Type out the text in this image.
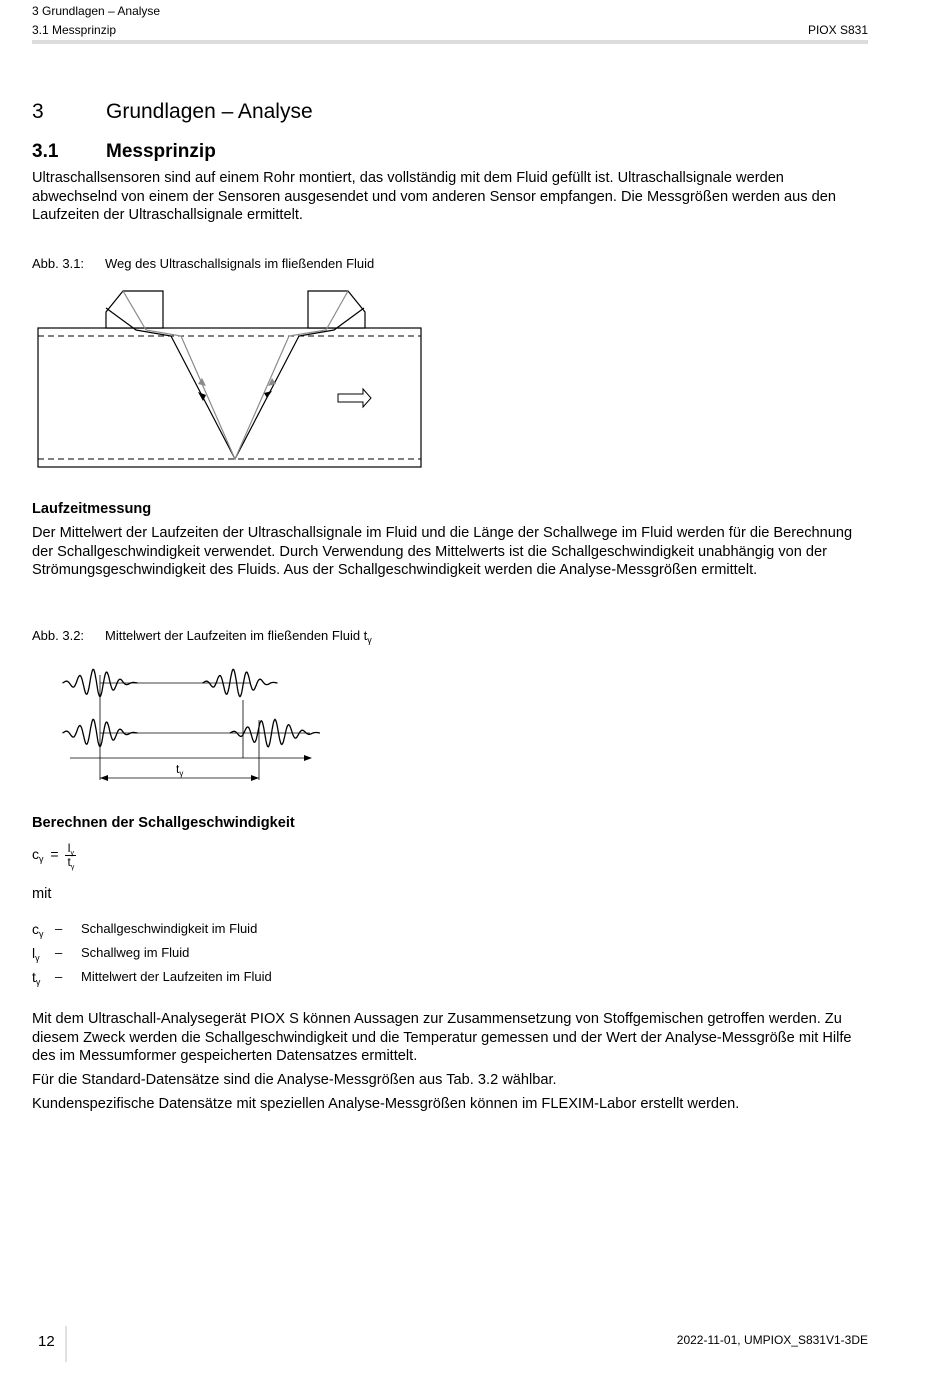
3 Grundlagen – Analyse
3.1 Messprinzip	PIOX S831
3	Grundlagen – Analyse
3.1	Messprinzip
Ultraschallsensoren sind auf einem Rohr montiert, das vollständig mit dem Fluid gefüllt ist. Ultraschallsignale werden abwechselnd von einem der Sensoren ausgesendet und vom anderen Sensor empfangen. Die Messgrößen werden aus den Laufzeiten der Ultraschallsignale ermittelt.
Abb. 3.1: Weg des Ultraschallsignals im fließenden Fluid
Laufzeitmessung
Der Mittelwert der Laufzeiten der Ultraschallsignale im Fluid und die Länge der Schallwege im Fluid werden für die Berechnung der Schallgeschwindigkeit verwendet. Durch Verwendung des Mittelwerts ist die Schallgeschwindigkeit unabhängig von der Strömungsgeschwindigkeit des Fluids. Aus der Schallgeschwindigkeit werden die Analyse-Messgrößen ermittelt.
Abb. 3.2: Mittelwert der Laufzeiten im fließenden Fluid $t_\gamma$
$t_\gamma$
Berechnen der Schallgeschwindigkeit
$c_\gamma = \frac{l_\gamma}{t_\gamma}$
mit
$c_\gamma$ – Schallgeschwindigkeit im Fluid
$l_\gamma$ – Schallweg im Fluid
$t_\gamma$ – Mittelwert der Laufzeiten im Fluid
Mit dem Ultraschall-Analysegerät PIOX S können Aussagen zur Zusammensetzung von Stoffgemischen getroffen werden. Zu diesem Zweck werden die Schallgeschwindigkeit und die Temperatur gemessen und der Wert der Analyse-Messgröße mit Hilfe des im Messumformer gespeicherten Datensatzes ermittelt.
Für die Standard-Datensätze sind die Analyse-Messgrößen aus Tab. 3.2 wählbar.
Kundenspezifische Datensätze mit speziellen Analyse-Messgrößen können im FLEXIM-Labor erstellt werden.
12	2022-11-01, UMPIOX_S831V1-3DE
